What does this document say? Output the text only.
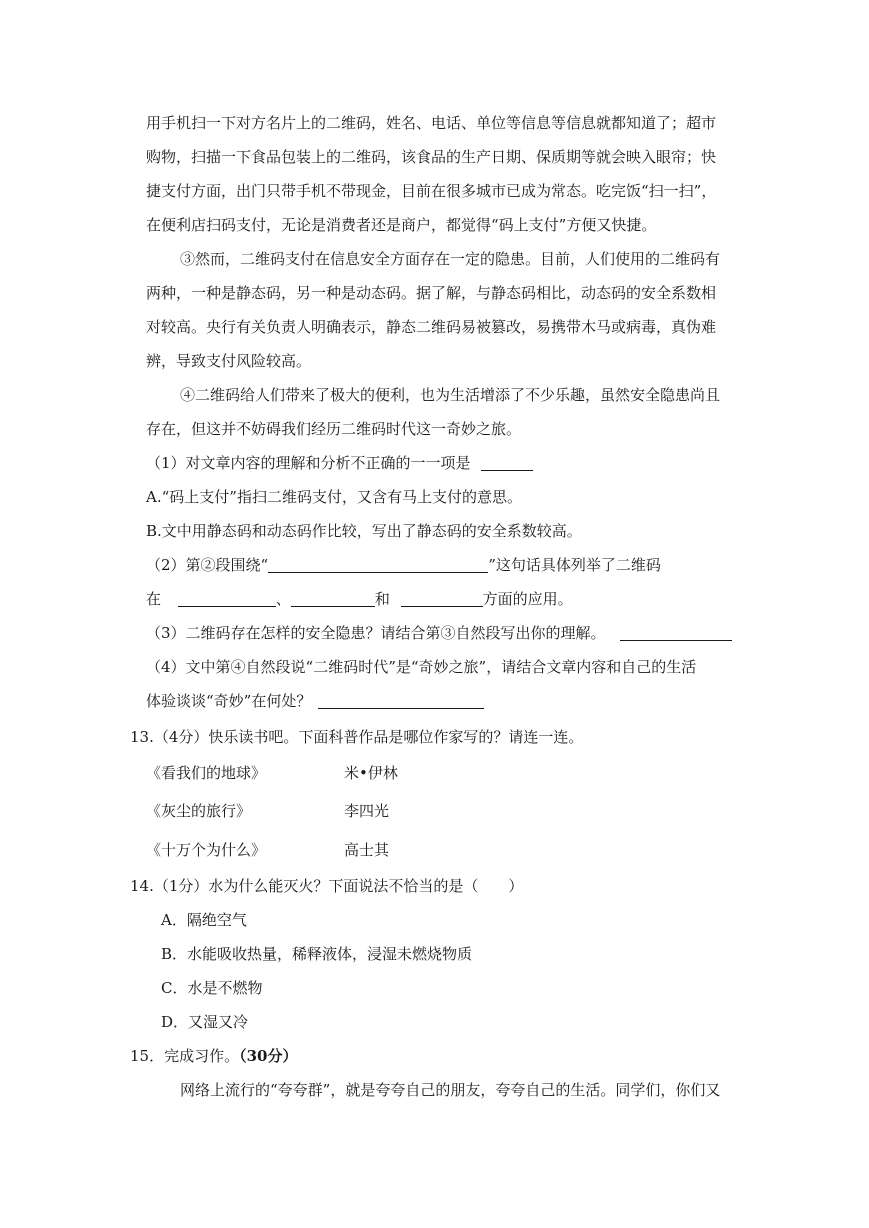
用手机扫一下对方名片上的二维码，姓名、电话、单位等信息等信息就都知道了；超市
购物，扫描一下食品包装上的二维码，该食品的生产日期、保质期等就会映入眼帘；快
捷支付方面，出门只带手机不带现金，目前在很多城市已成为常态。吃完饭“扫一扫”，
在便利店扫码支付，无论是消费者还是商户，都觉得“码上支付”方便又快捷。
③然而，二维码支付在信息安全方面存在一定的隐患。目前，人们使用的二维码有
两种，一种是静态码，另一种是动态码。据了解，与静态码相比，动态码的安全系数相
对较高。央行有关负责人明确表示，静态二维码易被篡改，易携带木马或病毒，真伪难
辨，导致支付风险较高。
④二维码给人们带来了极大的便利，也为生活增添了不少乐趣，虽然安全隐患尚且
存在，但这并不妨碍我们经历二维码时代这一奇妙之旅。
（1）对文章内容的理解和分析不正确的一一项是
A.“码上支付”指扫二维码支付，又含有马上支付的意思。
B.文中用静态码和动态码作比较，写出了静态码的安全系数较高。
（2）第②段围绕“	”这句话具体列举了二维码
在	、	和	方面的应用。
（3）二维码存在怎样的安全隐患？请结合第③自然段写出你的理解。
（4）文中第④自然段说“二维码时代”是“奇妙之旅”，请结合文章内容和自己的生活
体验谈谈“奇妙”在何处？
13.（4分）快乐读书吧。下面科普作品是哪位作家写的？请连一连。
《看我们的地球》	米•伊林
《灰尘的旅行》	李四光
《十万个为什么》	高士其
14.（1分）水为什么能灭火？下面说法不恰当的是（　　）
A．隔绝空气
B．水能吸收热量，稀释液体，浸湿未燃烧物质
C．水是不燃物
D．又湿又冷
15．完成习作。（30分）
网络上流行的“夸夸群”，就是夸夸自己的朋友，夸夸自己的生活。同学们，你们又
